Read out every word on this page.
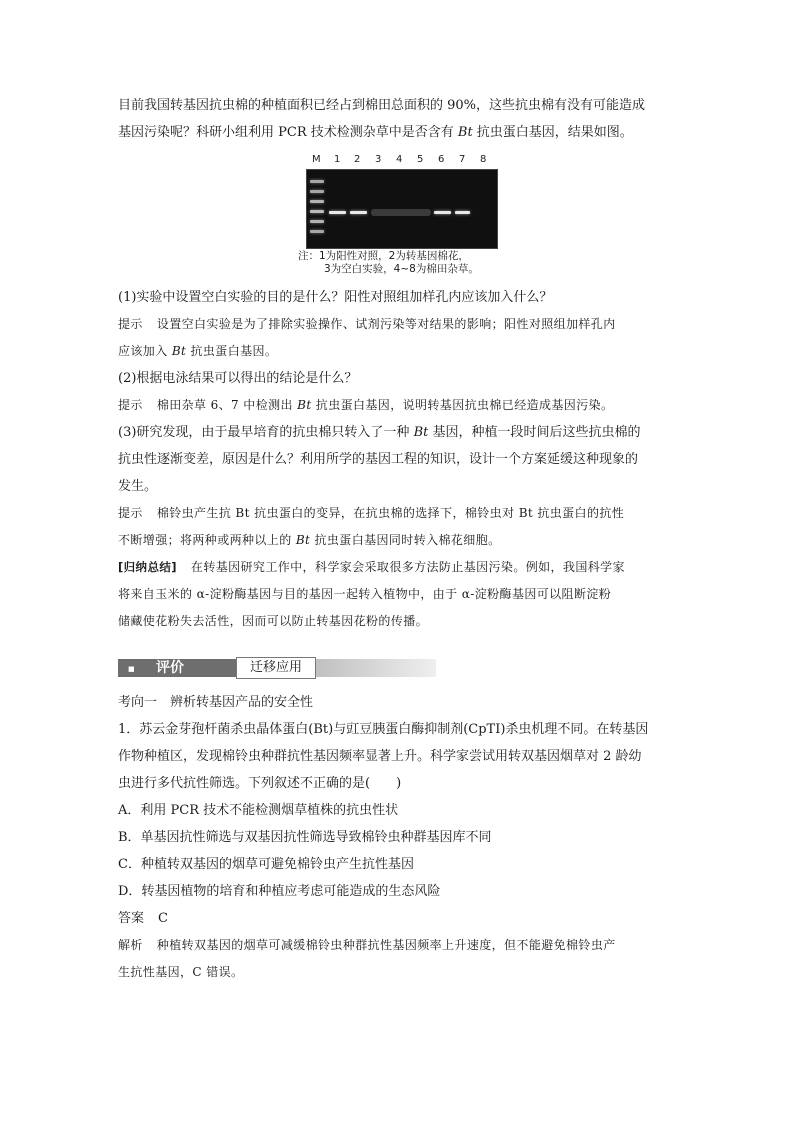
目前我国转基因抗虫棉的种植面积已经占到棉田总面积的 90%，这些抗虫棉有没有可能造成
基因污染呢？科研小组利用 PCR 技术检测杂草中是否含有 Bt 抗虫蛋白基因，结果如图。

M 1 2 3 4 5 6 7 8
注：1为阳性对照，2为转基因棉花，
3为空白实验，4~8为棉田杂草。

(1)实验中设置空白实验的目的是什么？阳性对照组加样孔内应该加入什么？

提示 设置空白实验是为了排除实验操作、试剂污染等对结果的影响；阳性对照组加样孔内
应该加入 Bt 抗虫蛋白基因。

(2)根据电泳结果可以得出的结论是什么？

提示 棉田杂草 6、7 中检测出 Bt 抗虫蛋白基因，说明转基因抗虫棉已经造成基因污染。

(3)研究发现，由于最早培育的抗虫棉只转入了一种 Bt 基因，种植一段时间后这些抗虫棉的
抗虫性逐渐变差，原因是什么？利用所学的基因工程的知识，设计一个方案延缓这种现象的
发生。

提示 棉铃虫产生抗 Bt 抗虫蛋白的变异，在抗虫棉的选择下，棉铃虫对 Bt 抗虫蛋白的抗性
不断增强；将两种或两种以上的 Bt 抗虫蛋白基因同时转入棉花细胞。

[归纳总结] 在转基因研究工作中，科学家会采取很多方法防止基因污染。例如，我国科学家
将来自玉米的 α-淀粉酶基因与目的基因一起转入植物中，由于 α-淀粉酶基因可以阻断淀粉
储藏使花粉失去活性，因而可以防止转基因花粉的传播。

■ 评价	迁移应用

考向一　辨析转基因产品的安全性

1．苏云金芽孢杆菌杀虫晶体蛋白(Bt)与豇豆胰蛋白酶抑制剂(CpTI)杀虫机理不同。在转基因
作物种植区，发现棉铃虫种群抗性基因频率显著上升。科学家尝试用转双基因烟草对 2 龄幼
虫进行多代抗性筛选。下列叙述不正确的是(　　)

A．利用 PCR 技术不能检测烟草植株的抗虫性状

B．单基因抗性筛选与双基因抗性筛选导致棉铃虫种群基因库不同

C．种植转双基因的烟草可避免棉铃虫产生抗性基因

D．转基因植物的培育和种植应考虑可能造成的生态风险

答案 C

解析 种植转双基因的烟草可减缓棉铃虫种群抗性基因频率上升速度，但不能避免棉铃虫产
生抗性基因，C 错误。
